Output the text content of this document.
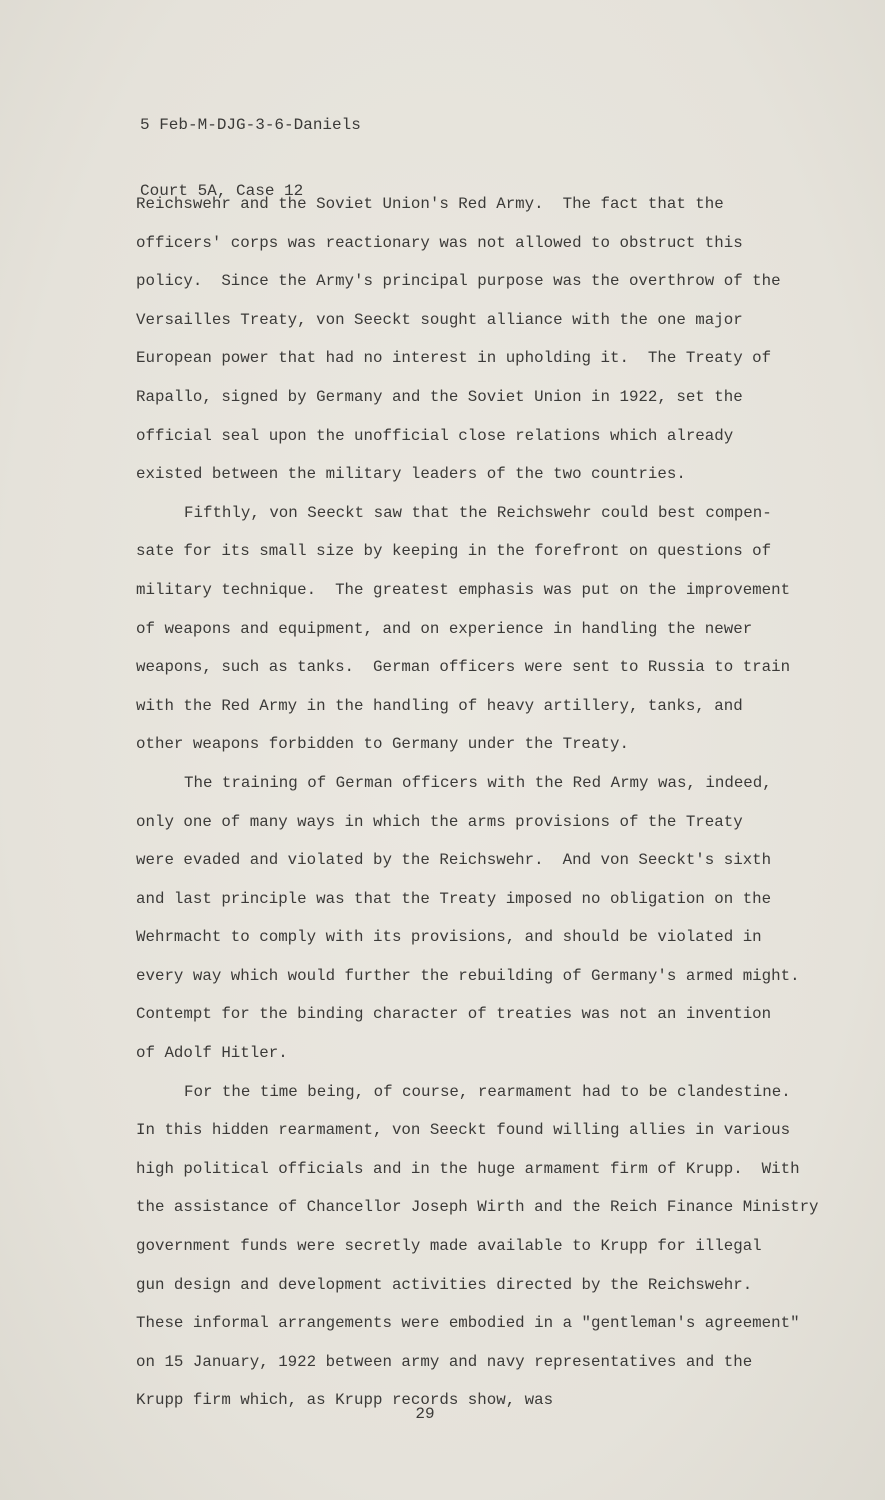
5 Feb-M-DJG-3-6-Daniels

Court 5A, Case 12

Reichswehr and the Soviet Union's Red Army.  The fact that the
officers' corps was reactionary was not allowed to obstruct this
policy.  Since the Army's principal purpose was the overthrow of the
Versailles Treaty, von Seeckt sought alliance with the one major
European power that had no interest in upholding it.  The Treaty of
Rapallo, signed by Germany and the Soviet Union in 1922, set the
official seal upon the unofficial close relations which already
existed between the military leaders of the two countries.
Fifthly, von Seeckt saw that the Reichswehr could best compen-
sate for its small size by keeping in the forefront on questions of
military technique.  The greatest emphasis was put on the improvement
of weapons and equipment, and on experience in handling the newer
weapons, such as tanks.  German officers were sent to Russia to train
with the Red Army in the handling of heavy artillery, tanks, and
other weapons forbidden to Germany under the Treaty.
The training of German officers with the Red Army was, indeed,
only one of many ways in which the arms provisions of the Treaty
were evaded and violated by the Reichswehr.  And von Seeckt's sixth
and last principle was that the Treaty imposed no obligation on the
Wehrmacht to comply with its provisions, and should be violated in
every way which would further the rebuilding of Germany's armed might.
Contempt for the binding character of treaties was not an invention
of Adolf Hitler.
For the time being, of course, rearmament had to be clandestine.
In this hidden rearmament, von Seeckt found willing allies in various
high political officials and in the huge armament firm of Krupp.  With
the assistance of Chancellor Joseph Wirth and the Reich Finance Ministry
government funds were secretly made available to Krupp for illegal
gun design and development activities directed by the Reichswehr.
These informal arrangements were embodied in a "gentleman's agreement"
on 15 January, 1922 between army and navy representatives and the
Krupp firm which, as Krupp records show, was
29
